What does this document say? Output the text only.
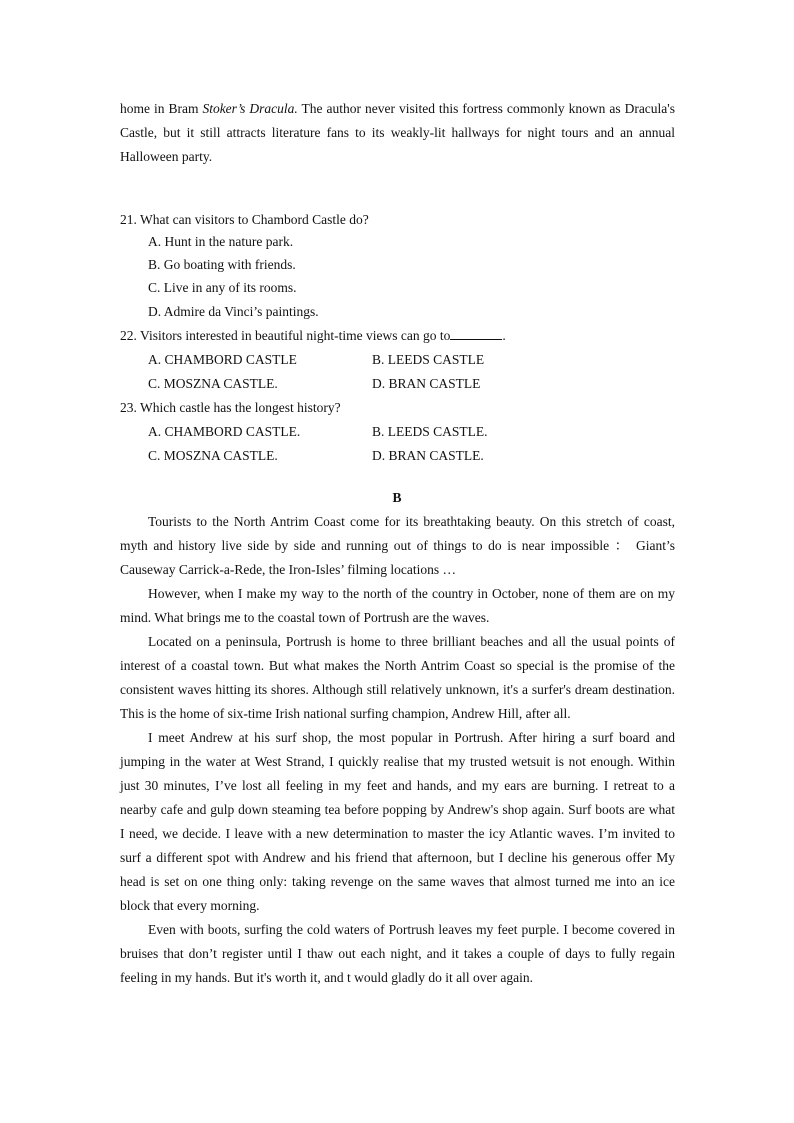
home in Bram Stoker’s Dracula. The author never visited this fortress commonly known as Dracula's Castle, but it still attracts literature fans to its weakly-lit hallways for night tours and an annual Halloween party.

21. What can visitors to Chambord Castle do?

A. Hunt in the nature park.

B. Go boating with friends.

C. Live in any of its rooms.

D. Admire da Vinci’s paintings.

22. Visitors interested in beautiful night-time views can go to	.

A. CHAMBORD CASTLE	B. LEEDS CASTLE

C. MOSZNA CASTLE.	D. BRAN CASTLE

23. Which castle has the longest history?

A. CHAMBORD CASTLE.	B. LEEDS CASTLE.

C. MOSZNA CASTLE.	D. BRAN CASTLE.

B

Tourists to the North Antrim Coast come for its breathtaking beauty. On this stretch of coast, myth and history live side by side and running out of things to do is near impossible ： Giant’s Causeway Carrick-a-Rede, the Iron-Isles’ filming locations …

However, when I make my way to the north of the country in October, none of them are on my mind. What brings me to the coastal town of Portrush are the waves.

Located on a peninsula, Portrush is home to three brilliant beaches and all the usual points of interest of a coastal town. But what makes the North Antrim Coast so special is the promise of the consistent waves hitting its shores. Although still relatively unknown, it's a surfer's dream destination. This is the home of six-time Irish national surfing champion, Andrew Hill, after all.

I meet Andrew at his surf shop, the most popular in Portrush. After hiring a surf board and jumping in the water at West Strand, I quickly realise that my trusted wetsuit is not enough. Within just 30 minutes, I’ve lost all feeling in my feet and hands, and my ears are burning. I retreat to a nearby cafe and gulp down steaming tea before popping by Andrew's shop again. Surf boots are what I need, we decide. I leave with a new determination to master the icy Atlantic waves. I’m invited to surf a different spot with Andrew and his friend that afternoon, but I decline his generous offer My head is set on one thing only: taking revenge on the same waves that almost turned me into an ice block that every morning.

Even with boots, surfing the cold waters of Portrush leaves my feet purple. I become covered in bruises that don’t register until I thaw out each night, and it takes a couple of days to fully regain feeling in my hands. But it's worth it, and t would gladly do it all over again.
